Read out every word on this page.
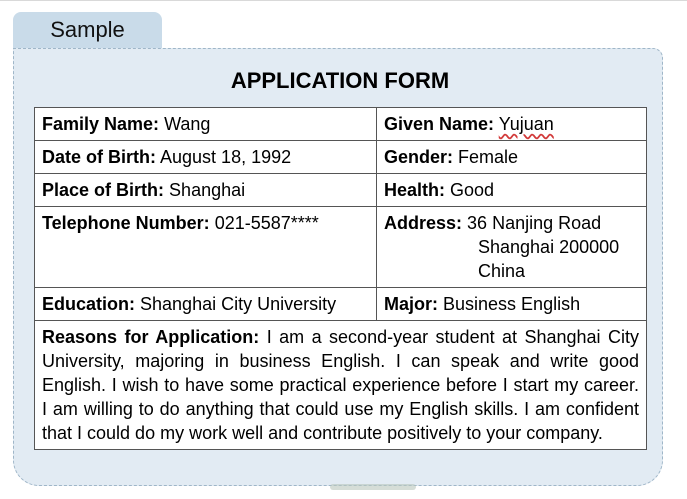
Sample
APPLICATION FORM
Family Name: Wang	Given Name: Yujuan
Date of Birth: August 18, 1992	Gender: Female
Place of Birth: Shanghai	Health: Good
Telephone Number: 021-5587****	Address: 36 Nanjing Road
Shanghai 200000
China

Education: Shanghai City University	Major: Business English
Reasons for Application: I am a second-year student at Shanghai City University, majoring in business English. I can speak and write good English. I wish to have some practical experience before I start my career. I am willing to do anything that could use my English skills. I am confident that I could do my work well and contribute positively to your company.	
